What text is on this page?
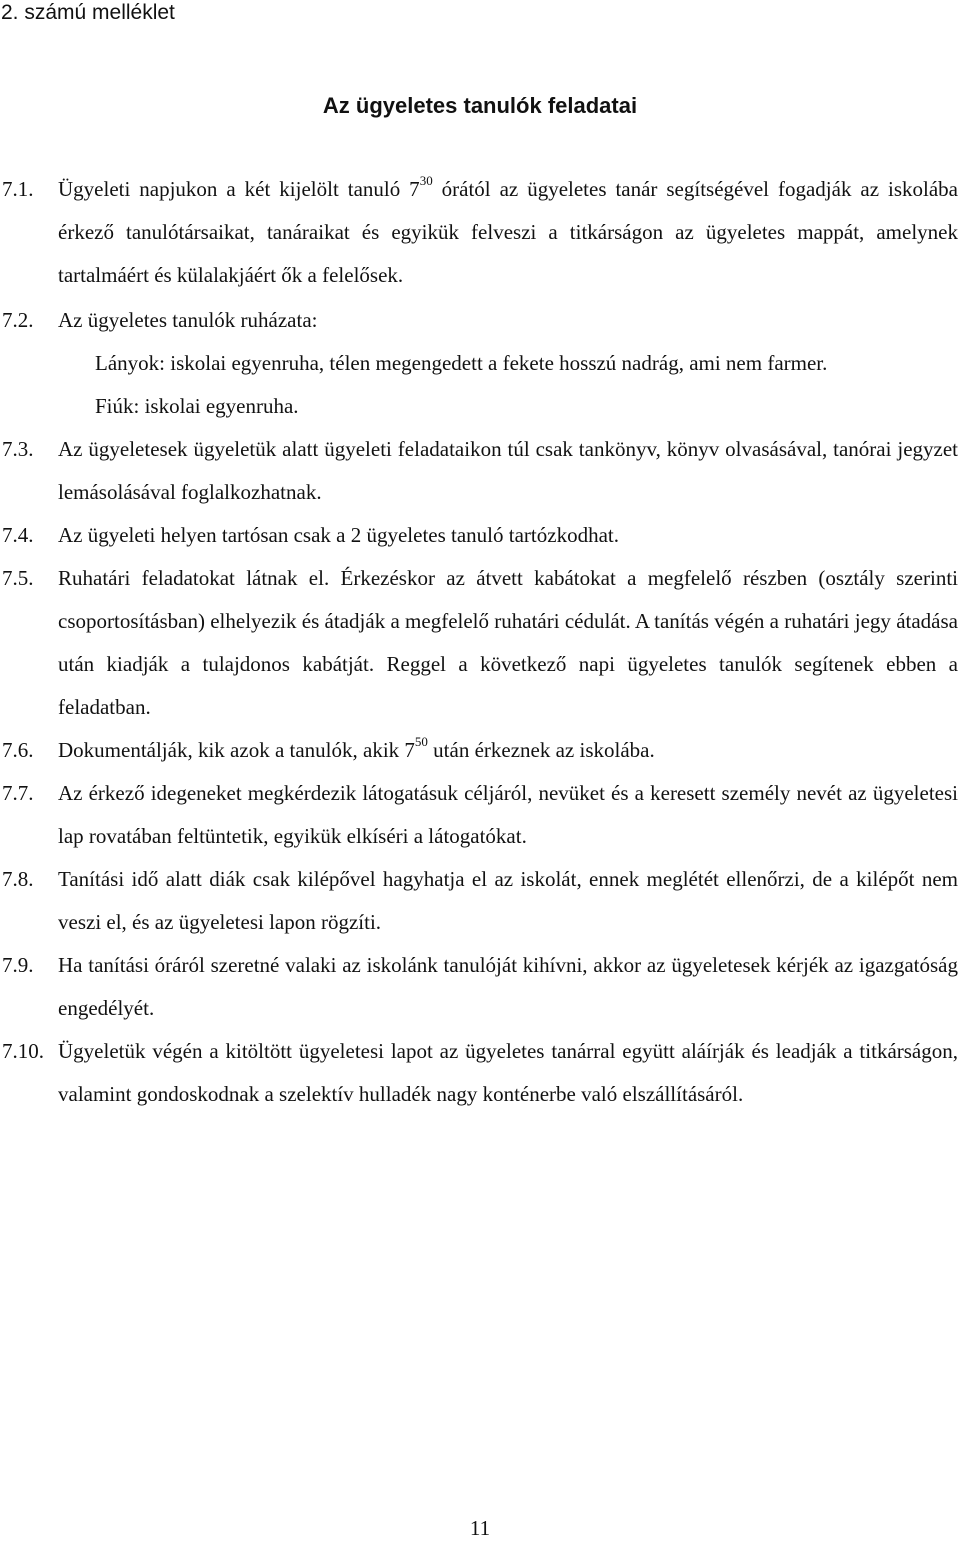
2. számú melléklet
Az ügyeletes tanulók feladatai
7.1. Ügyeleti napjukon a két kijelölt tanuló $7^{30}$ órától az ügyeletes tanár segítségével fogadják az iskolába érkező tanulótársaikat, tanáraikat és egyikük felveszi a titkárságon az ügyeletes mappát, amelynek tartalmáért és külalakjáért ők a felelősek.
7.2. Az ügyeletes tanulók ruházata:
Lányok: iskolai egyenruha, télen megengedett a fekete hosszú nadrág, ami nem farmer.
Fiúk: iskolai egyenruha.
7.3. Az ügyeletesek ügyeletük alatt ügyeleti feladataikon túl csak tankönyv, könyv olvasásával, tanórai jegyzet lemásolásával foglalkozhatnak.
7.4. Az ügyeleti helyen tartósan csak a 2 ügyeletes tanuló tartózkodhat.
7.5. Ruhatári feladatokat látnak el. Érkezéskor az átvett kabátokat a megfelelő részben (osztály szerinti csoportosításban) elhelyezik és átadják a megfelelő ruhatári cédulát. A tanítás végén a ruhatári jegy átadása után kiadják a tulajdonos kabátját. Reggel a következő napi ügyeletes tanulók segítenek ebben a feladatban.
7.6. Dokumentálják, kik azok a tanulók, akik $7^{50}$ után érkeznek az iskolába.
7.7. Az érkező idegeneket megkérdezik látogatásuk céljáról, nevüket és a keresett személy nevét az ügyeletesi lap rovatában feltüntetik, egyikük elkíséri a látogatókat.
7.8. Tanítási idő alatt diák csak kilépővel hagyhatja el az iskolát, ennek meglétét ellenőrzi, de a kilépőt nem veszi el, és az ügyeletesi lapon rögzíti.
7.9. Ha tanítási óráról szeretné valaki az iskolánk tanulóját kihívni, akkor az ügyeletesek kérjék az igazgatóság engedélyét.
7.10. Ügyeletük végén a kitöltött ügyeletesi lapot az ügyeletes tanárral együtt aláírják és leadják a titkárságon, valamint gondoskodnak a szelektív hulladék nagy konténerbe való elszállításáról.
11
